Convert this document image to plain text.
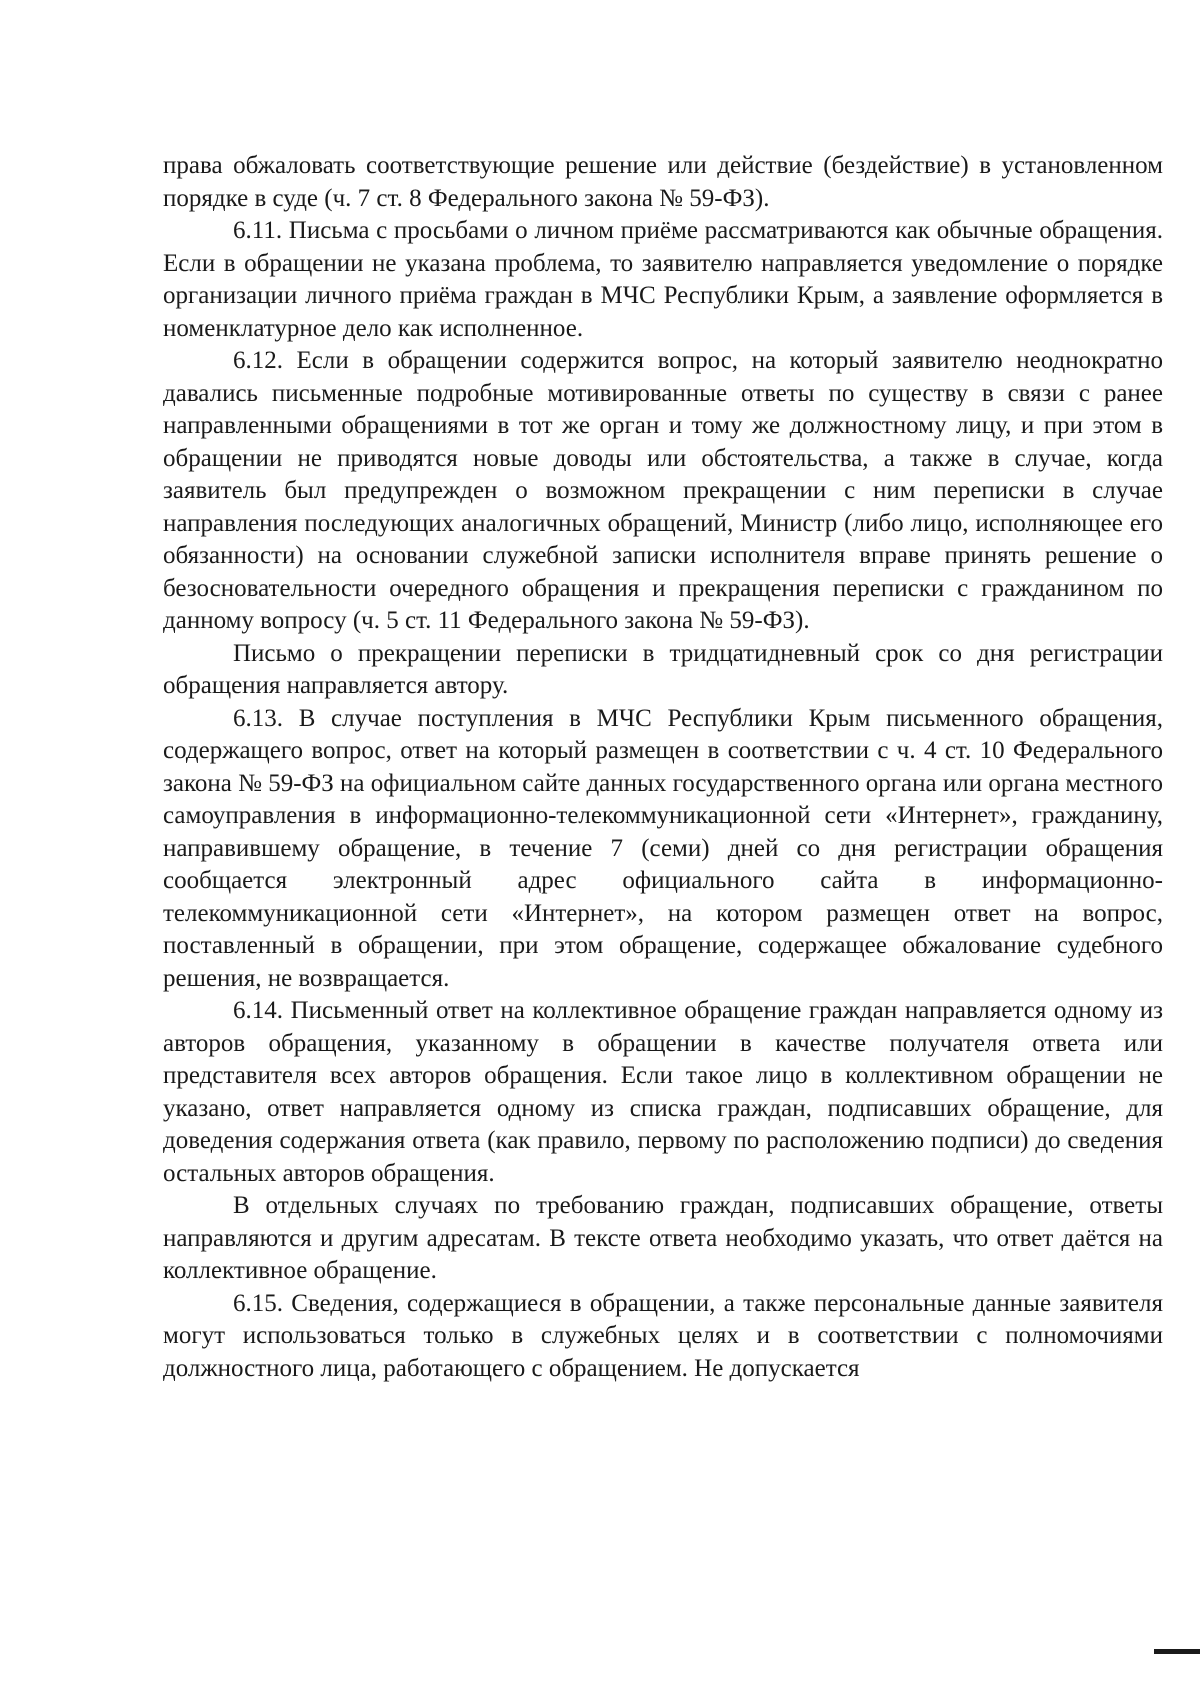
права обжаловать соответствующие решение или действие (бездействие) в установленном порядке в суде (ч. 7 ст. 8 Федерального закона № 59-ФЗ).

6.11. Письма с просьбами о личном приёме рассматриваются как обычные обращения. Если в обращении не указана проблема, то заявителю направляется уведомление о порядке организации личного приёма граждан в МЧС Республики Крым, а заявление оформляется в номенклатурное дело как исполненное.

6.12. Если в обращении содержится вопрос, на который заявителю неоднократно давались письменные подробные мотивированные ответы по существу в связи с ранее направленными обращениями в тот же орган и тому же должностному лицу, и при этом в обращении не приводятся новые доводы или обстоятельства, а также в случае, когда заявитель был предупрежден о возможном прекращении с ним переписки в случае направления последующих аналогичных обращений, Министр (либо лицо, исполняющее его обязанности) на основании служебной записки исполнителя вправе принять решение о безосновательности очередного обращения и прекращения переписки с гражданином по данному вопросу (ч. 5 ст. 11 Федерального закона № 59-ФЗ).

Письмо о прекращении переписки в тридцатидневный срок со дня регистрации обращения направляется автору.

6.13. В случае поступления в МЧС Республики Крым письменного обращения, содержащего вопрос, ответ на который размещен в соответствии с ч. 4 ст. 10 Федерального закона № 59-ФЗ на официальном сайте данных государственного органа или органа местного самоуправления в информационно-телекоммуникационной сети «Интернет», гражданину, направившему обращение, в течение 7 (семи) дней со дня регистрации обращения сообщается электронный адрес официального сайта в информационно-телекоммуникационной сети «Интернет», на котором размещен ответ на вопрос, поставленный в обращении, при этом обращение, содержащее обжалование судебного решения, не возвращается.

6.14. Письменный ответ на коллективное обращение граждан направляется одному из авторов обращения, указанному в обращении в качестве получателя ответа или представителя всех авторов обращения. Если такое лицо в коллективном обращении не указано, ответ направляется одному из списка граждан, подписавших обращение, для доведения содержания ответа (как правило, первому по расположению подписи) до сведения остальных авторов обращения.

В отдельных случаях по требованию граждан, подписавших обращение, ответы направляются и другим адресатам. В тексте ответа необходимо указать, что ответ даётся на коллективное обращение.

6.15. Сведения, содержащиеся в обращении, а также персональные данные заявителя могут использоваться только в служебных целях и в соответствии с полномочиями должностного лица, работающего с обращением. Не допускается
